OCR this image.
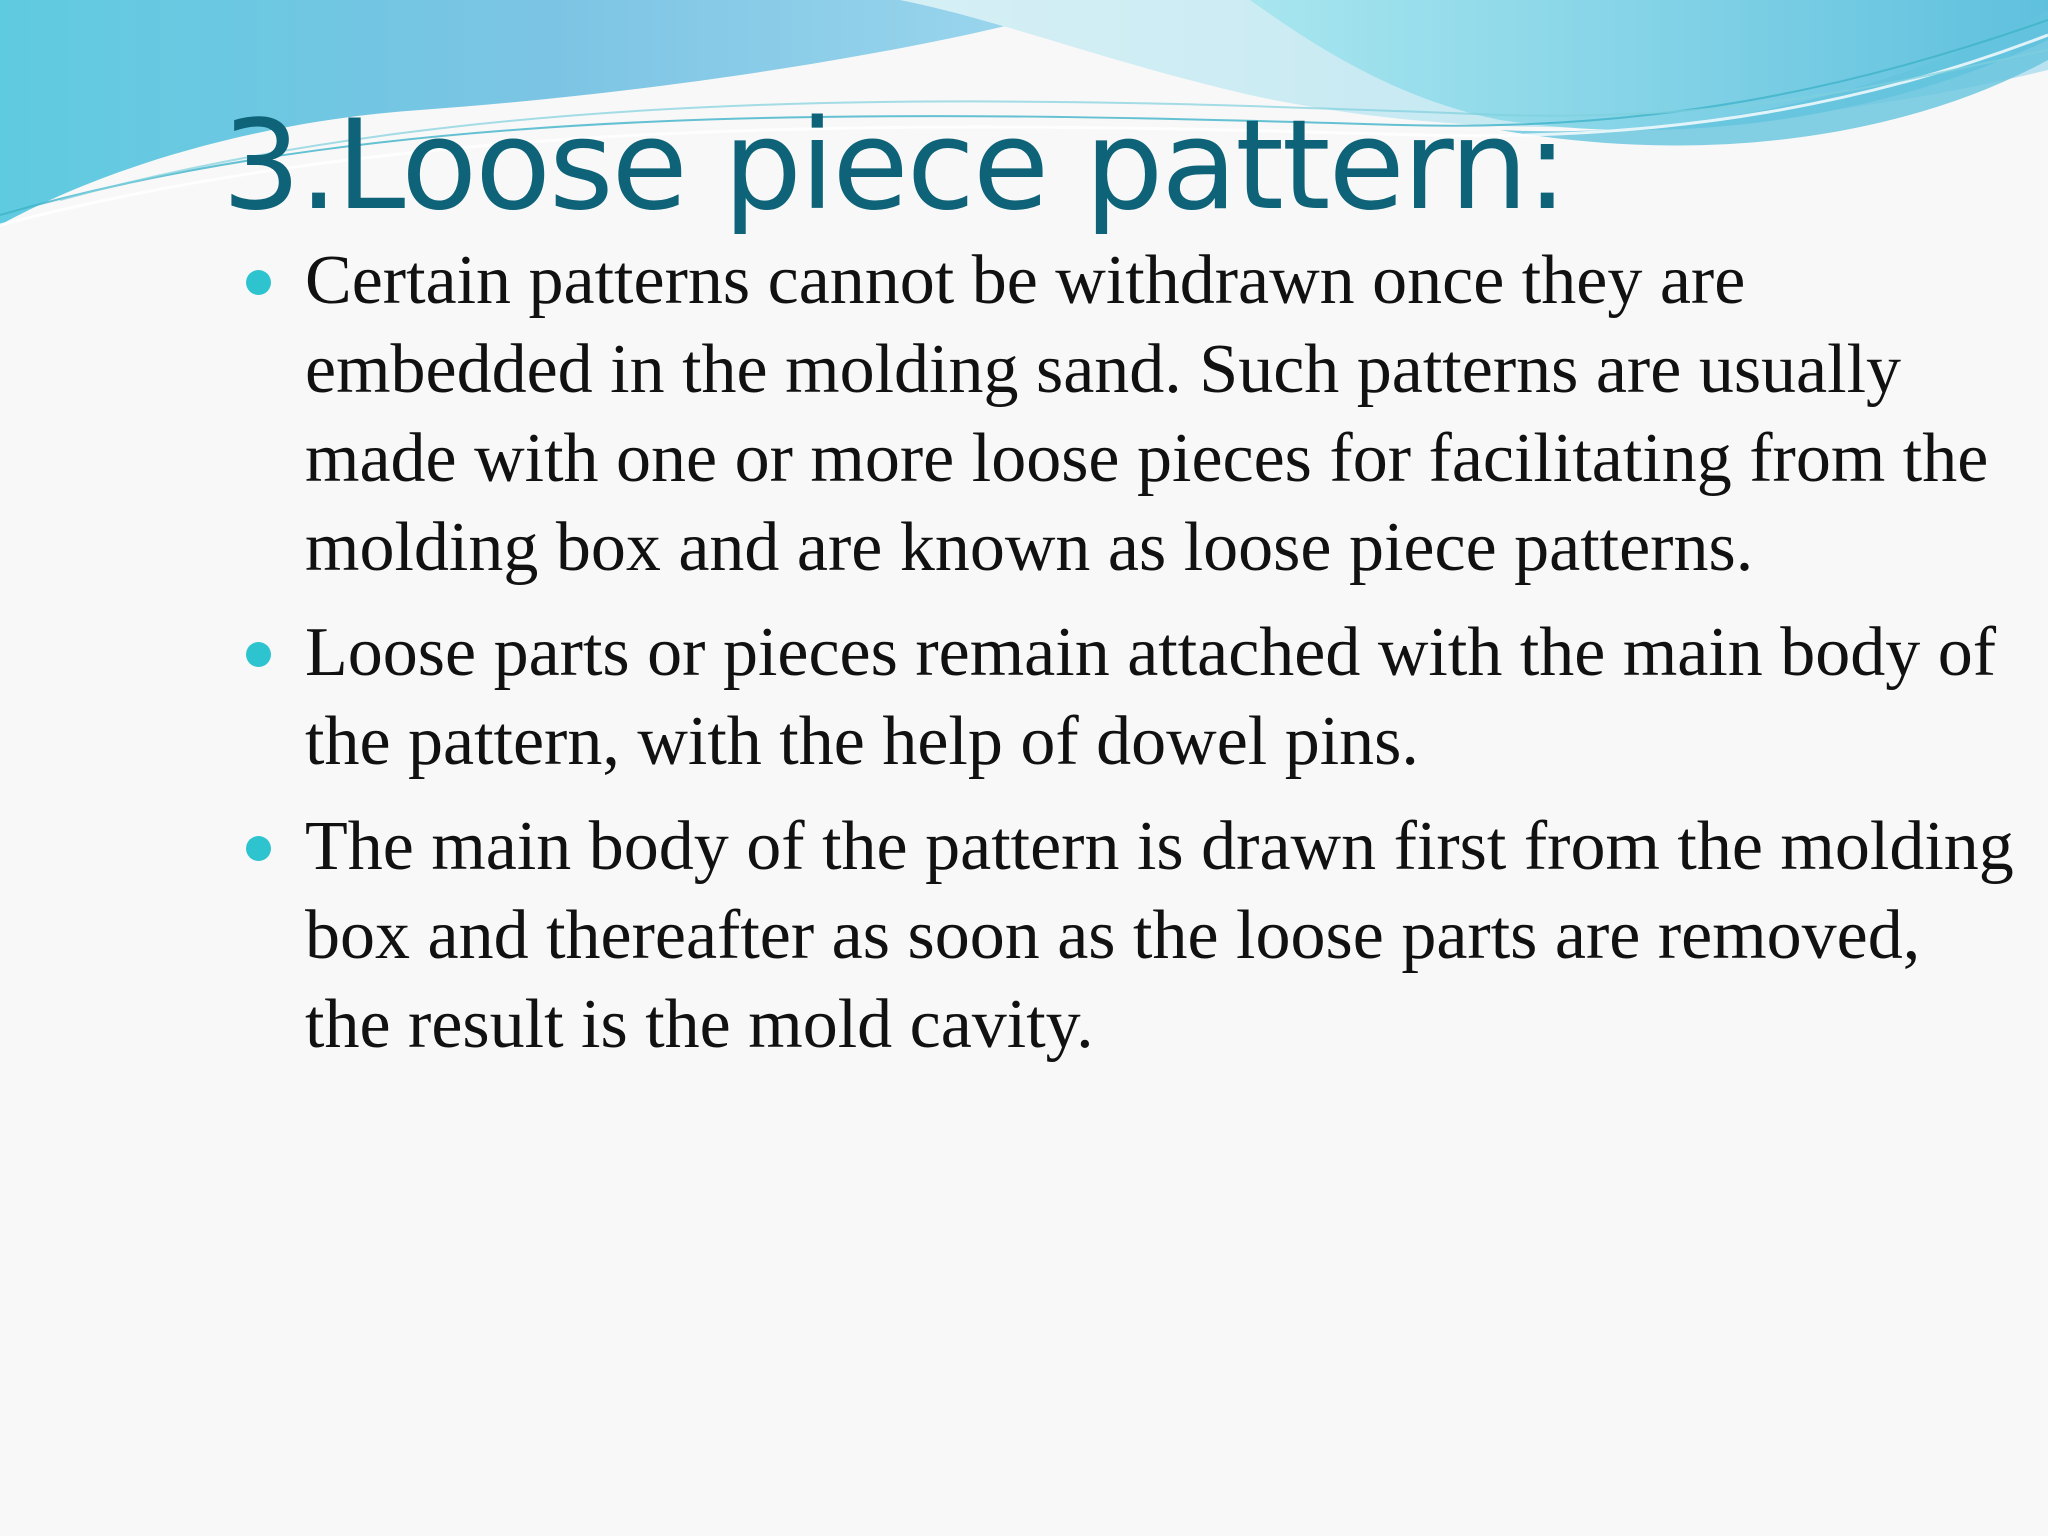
3.Loose piece pattern:
Certain patterns cannot be withdrawn once they are embedded in the molding sand. Such patterns are usually made with one or more loose pieces for facilitating from the molding box and are known as loose piece patterns.
Loose parts or pieces remain attached with the main body of the pattern, with the help of dowel pins.
The main body of the pattern is drawn first from the molding box and thereafter as soon as the loose parts are removed, the result is the mold cavity.
